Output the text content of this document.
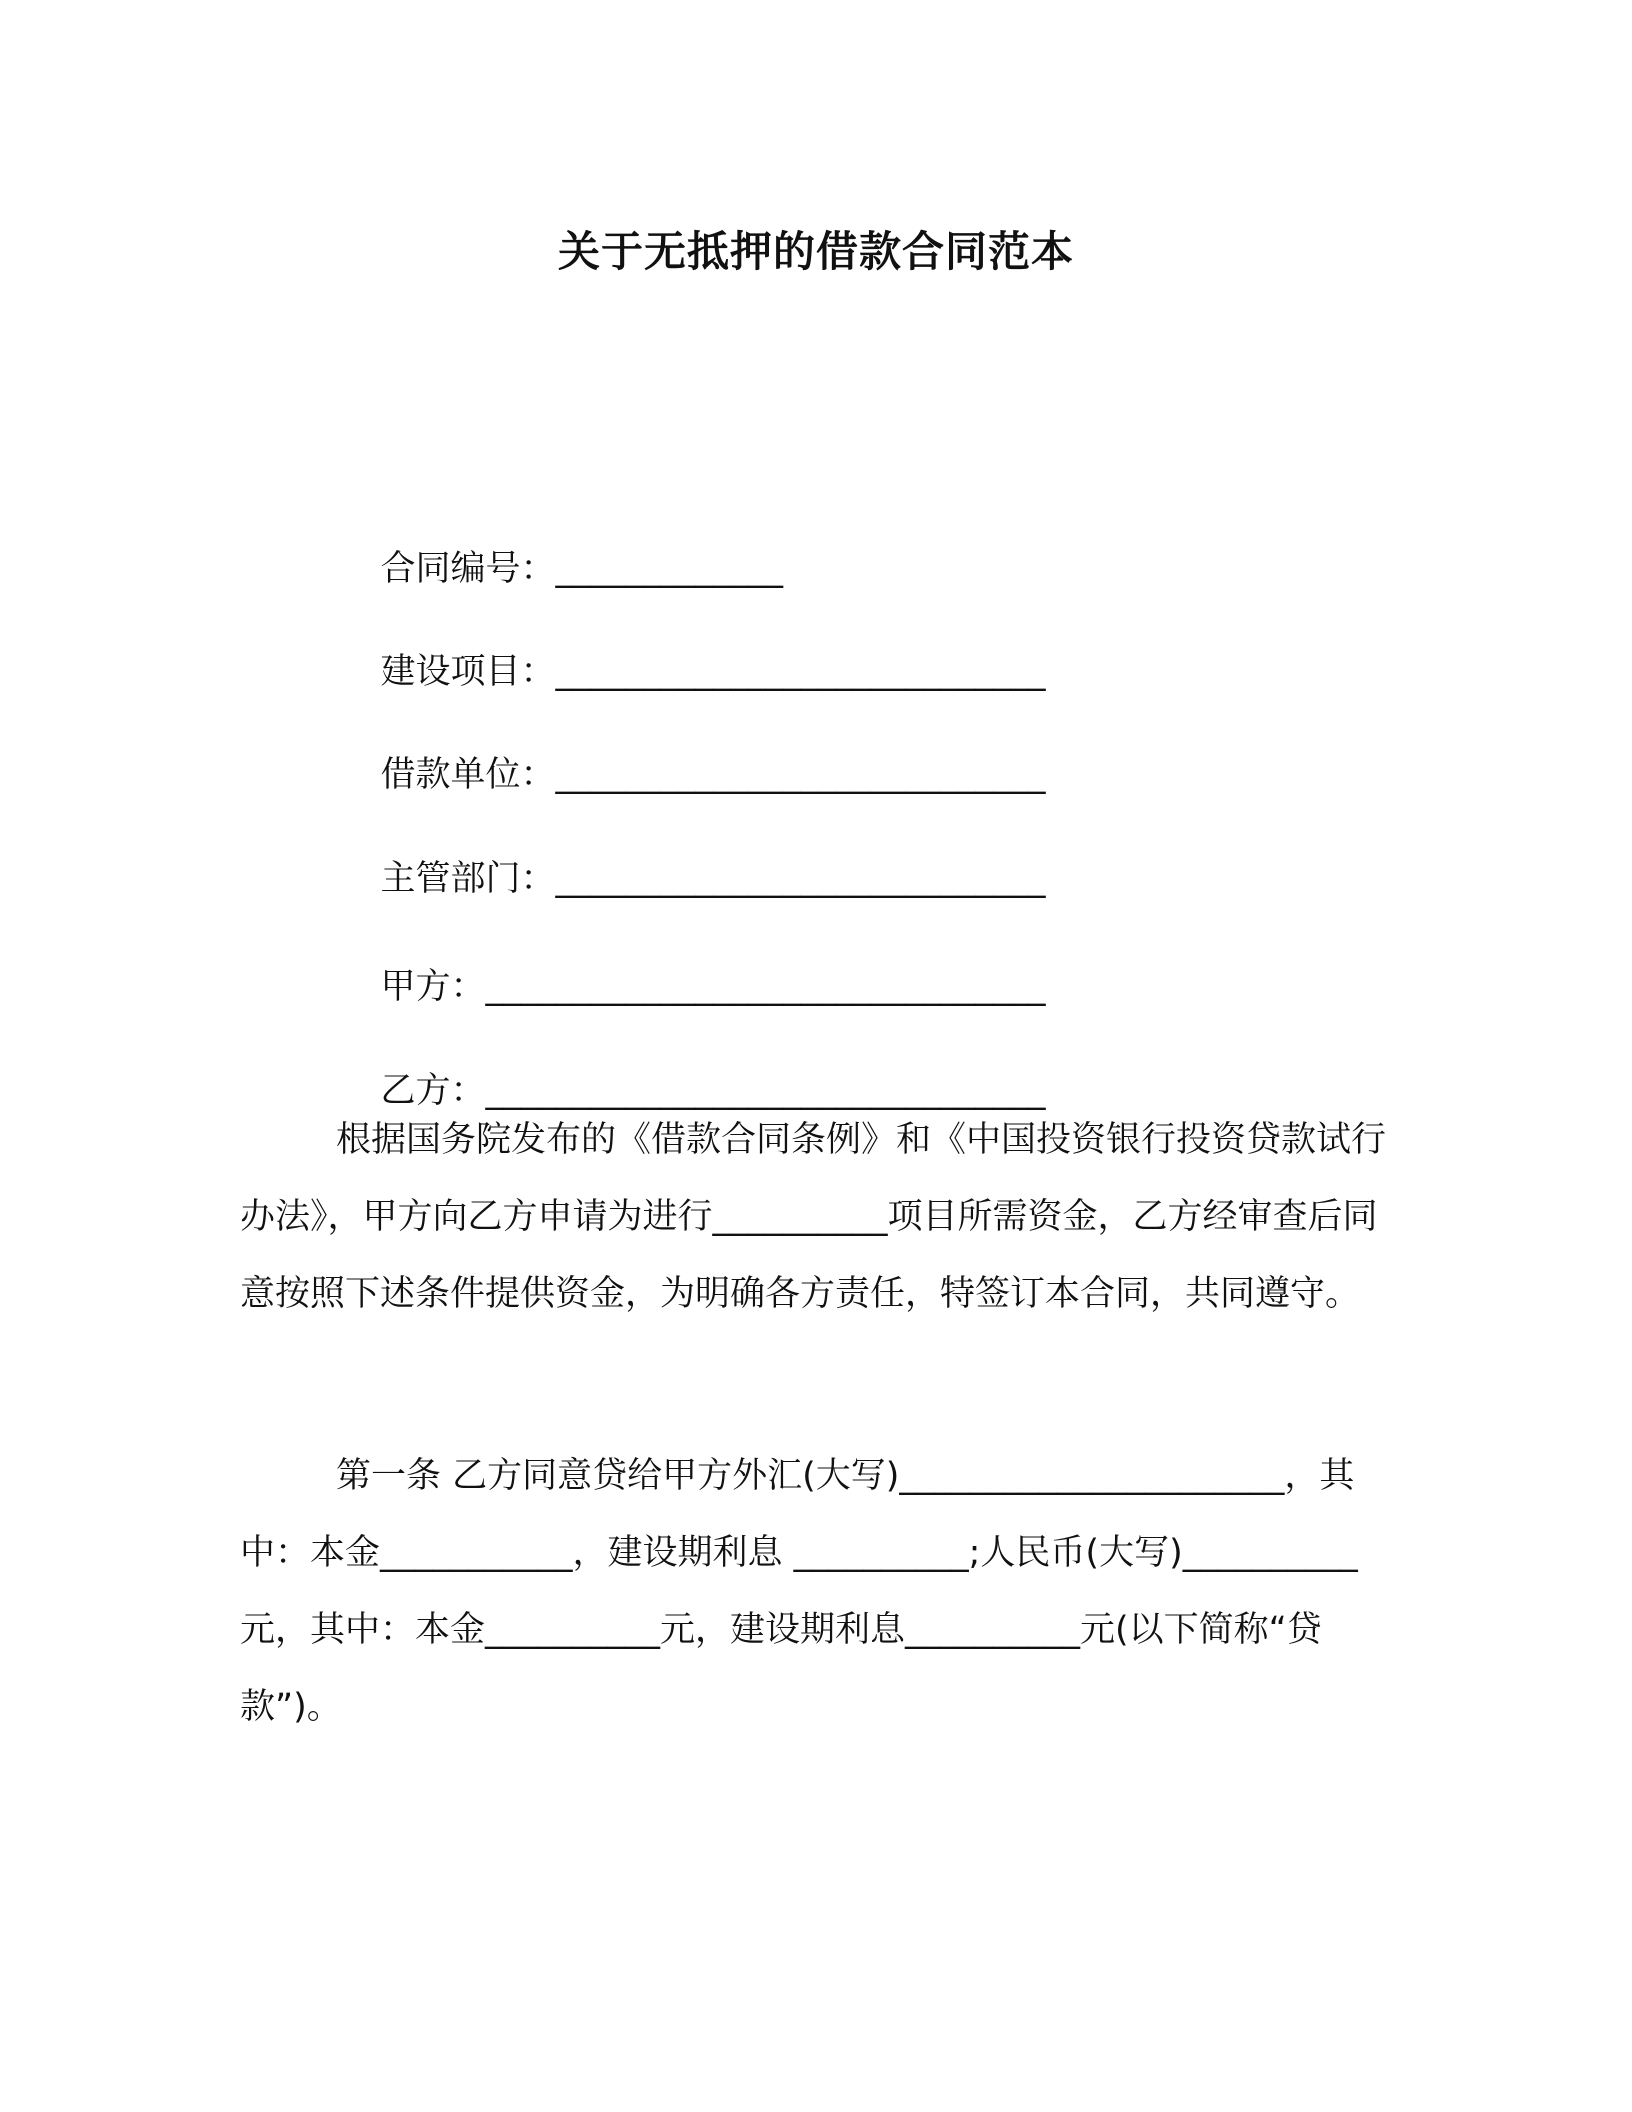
关于无抵押的借款合同范本

合同编号：_____________

建设项目：____________________________

借款单位：____________________________

主管部门：____________________________

甲方：________________________________

乙方：________________________________

根据国务院发布的《借款合同条例》和《中国投资银行投资贷款试行办法》，甲方向乙方申请为进行__________项目所需资金，乙方经审查后同意按照下述条件提供资金，为明确各方责任，特签订本合同，共同遵守。

第一条 乙方同意贷给甲方外汇(大写)______________________，其中：本金___________，建设期利息 __________;人民币(大写)__________元，其中：本金__________元，建设期利息__________元(以下简称“贷款”)。
